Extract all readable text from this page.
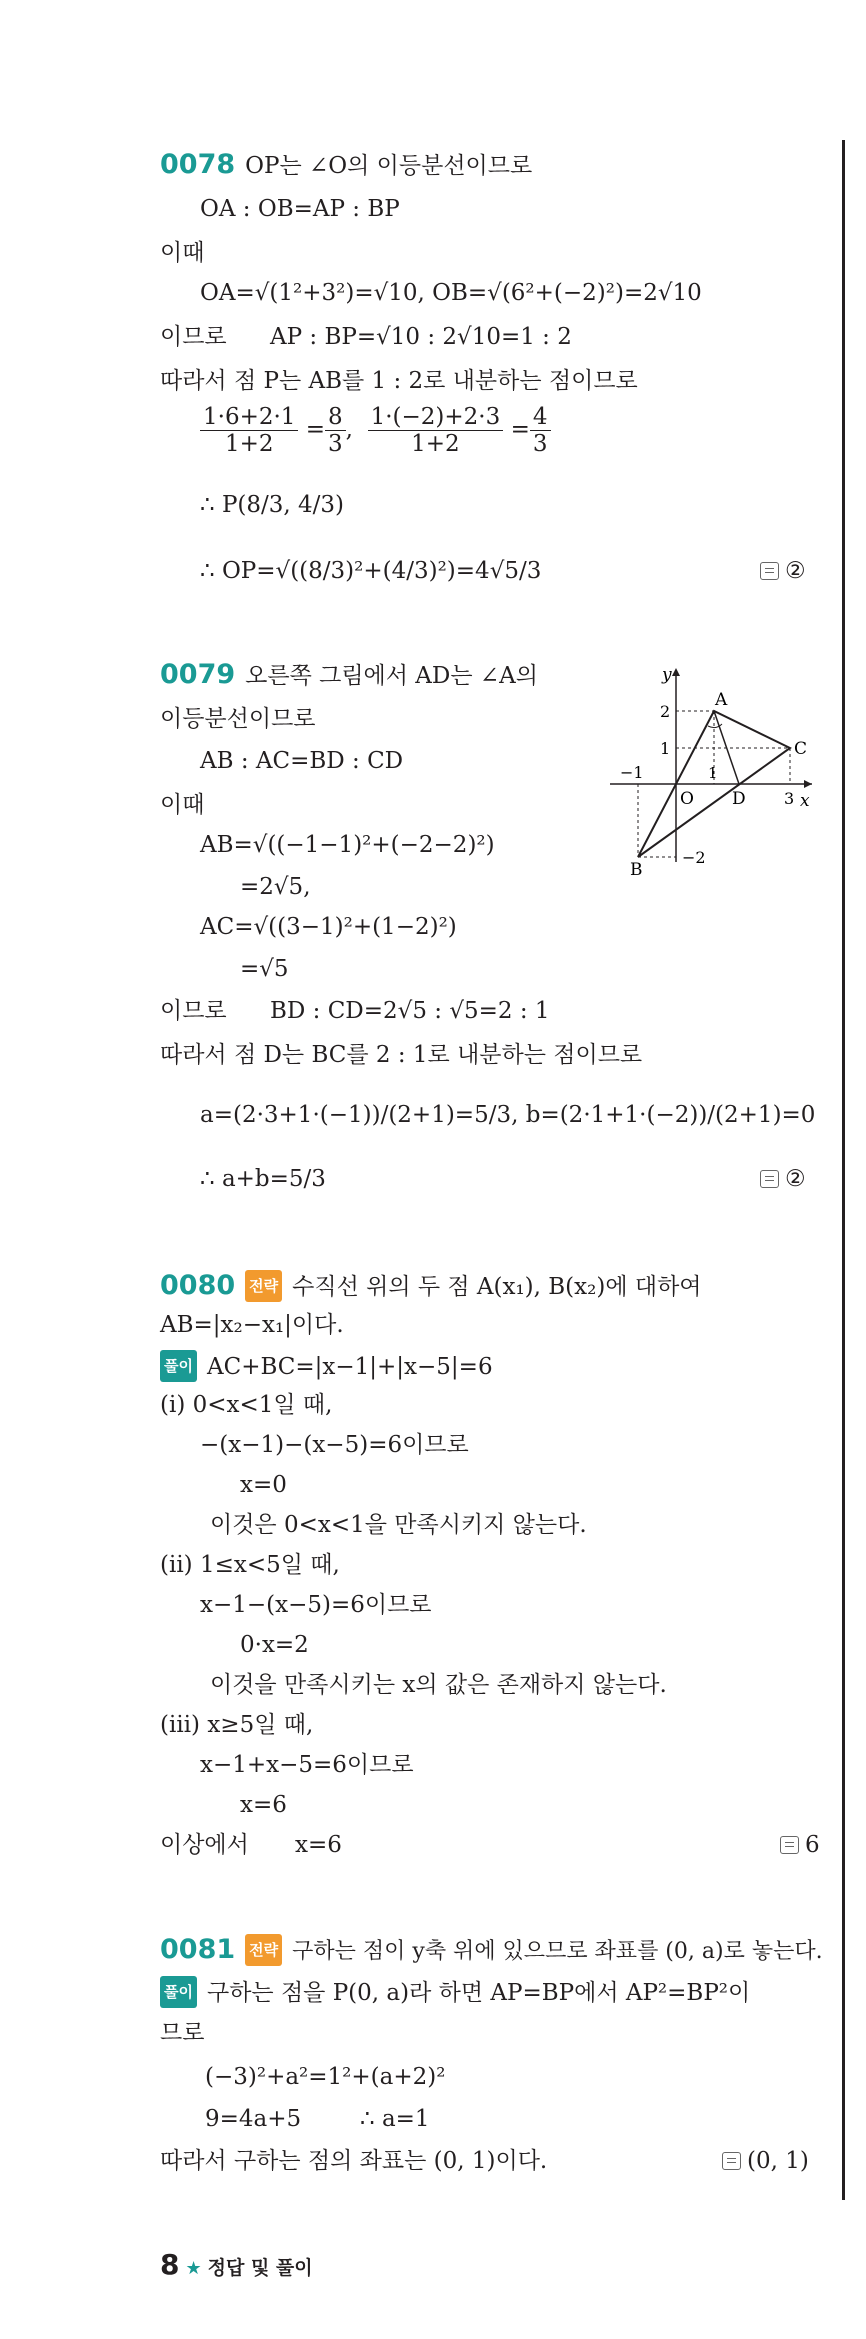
0078 OP는 ∠O의 이등분선이므로
OA : OB=AP : BP
이때
OA=√(1²+3²)=√10, OB=√(6²+(−2)²)=2√10
이므로 AP : BP=√10 : 2√10=1 : 2
따라서 점 P는 AB를 1 : 2로 내분하는 점이므로
$\frac{1\cdot 6+2\cdot 1}{1+2} = \frac{8}{3}$ , $\frac{1\cdot(-2)+2\cdot 3}{1+2} = \frac{4}{3}$
∴ P(8/3, 4/3)
∴ OP=√((8/3)²+(4/3)²)=4√5/3	②
0079 오른쪽 그림에서 AD는 ∠A의
이등분선이므로
AB : AC=BD : CD
이때
AB=√((−1−1)²+(−2−2)²)
=2√5,
AC=√((3−1)²+(1−2)²)
=√5
이므로 BD : CD=2√5 : √5=2 : 1
따라서 점 D는 BC를 2 : 1로 내분하는 점이므로
a=(2·3+1·(−1))/(2+1)=5/3, b=(2·1+1·(−2))/(2+1)=0
∴ a+b=5/3	②
y
x
A
B
C
D
O
−1
3
2
1
−2
1
0080 전략 수직선 위의 두 점 A(x₁), B(x₂)에 대하여
AB=|x₂−x₁|이다.
풀이 AC+BC=|x−1|+|x−5|=6
(ⅰ) 0<x<1일 때,
−(x−1)−(x−5)=6이므로
x=0
이것은 0<x<1을 만족시키지 않는다.
(ⅱ) 1≤x<5일 때,
x−1−(x−5)=6이므로
0·x=2
이것을 만족시키는 x의 값은 존재하지 않는다.
(ⅲ) x≥5일 때,
x−1+x−5=6이므로
x=6
이상에서 x=6	6
0081 전략 구하는 점이 y축 위에 있으므로 좌표를 (0, a)로 놓는다.
풀이 구하는 점을 P(0, a)라 하면 AP=BP에서 AP²=BP²이
므로
(−3)²+a²=1²+(a+2)²
9=4a+5	∴ a=1
따라서 구하는 점의 좌표는 (0, 1)이다.	(0, 1)
8 ★ 정답 및 풀이
